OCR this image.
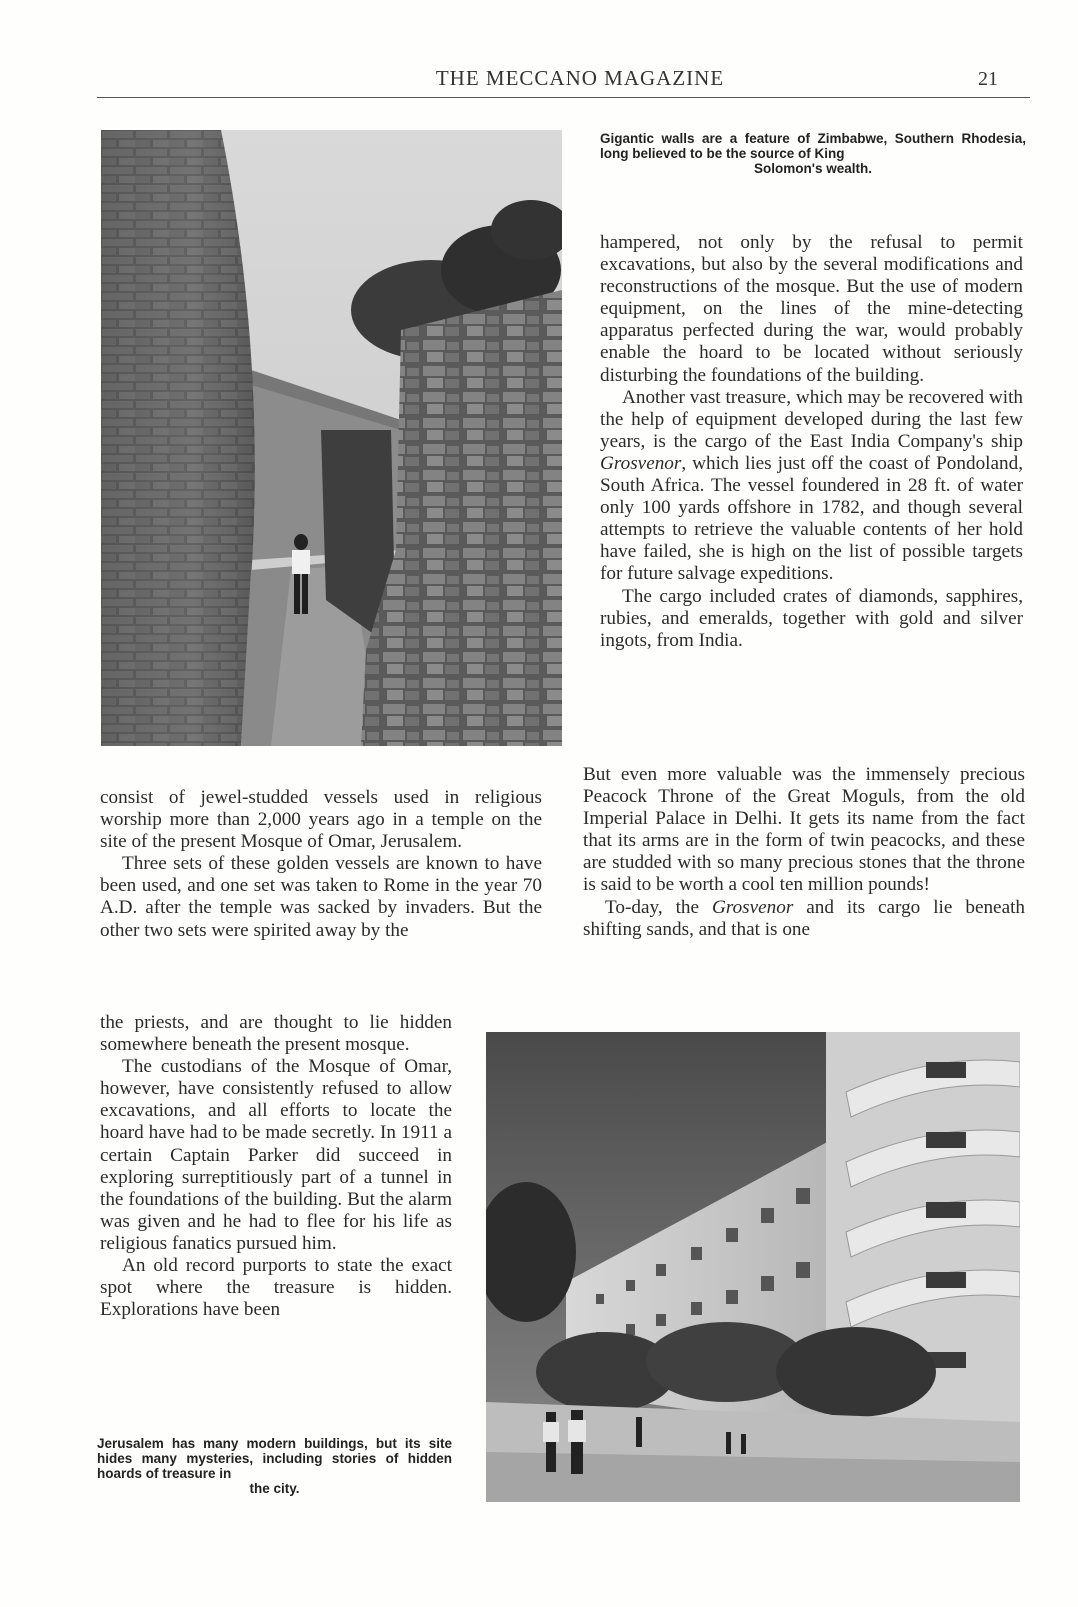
THE MECCANO MAGAZINE	21
Gigantic walls are a feature of Zimbabwe, Southern Rhodesia, long believed to be the source of King
Solomon's wealth.

hampered, not only by the refusal to permit excavations, but also by the several modifications and reconstructions of the mosque. But the use of modern equipment, on the lines of the mine-detecting apparatus perfected during the war, would probably enable the hoard to be located without seriously disturbing the foundations of the building.

Another vast treasure, which may be recovered with the help of equipment developed during the last few years, is the cargo of the East India Company's ship Grosvenor, which lies just off the coast of Pondoland, South Africa. The vessel foundered in 28 ft. of water only 100 yards offshore in 1782, and though several attempts to retrieve the valuable contents of her hold have failed, she is high on the list of possible targets for future salvage expeditions.

The cargo included crates of diamonds, sapphires, rubies, and emeralds, together with gold and silver ingots, from India.

consist of jewel-studded vessels used in religious worship more than 2,000 years ago in a temple on the site of the present Mosque of Omar, Jerusalem.

Three sets of these golden vessels are known to have been used, and one set was taken to Rome in the year 70 A.D. after the temple was sacked by invaders. But the other two sets were spirited away by the

But even more valuable was the immensely precious Peacock Throne of the Great Moguls, from the old Imperial Palace in Delhi. It gets its name from the fact that its arms are in the form of twin peacocks, and these are studded with so many precious stones that the throne is said to be worth a cool ten million pounds!

To-day, the Grosvenor and its cargo lie beneath shifting sands, and that is one

the priests, and are thought to lie hidden somewhere beneath the present mosque.

The custodians of the Mosque of Omar, however, have consistently refused to allow excavations, and all efforts to locate the hoard have had to be made secretly. In 1911 a certain Captain Parker did succeed in exploring surreptitiously part of a tunnel in the foundations of the building. But the alarm was given and he had to flee for his life as religious fanatics pursued him.

An old record purports to state the exact spot where the treasure is hidden. Explorations have been

Jerusalem has many modern buildings, but its site hides many mysteries, including stories of hidden hoards of treasure in
the city.
